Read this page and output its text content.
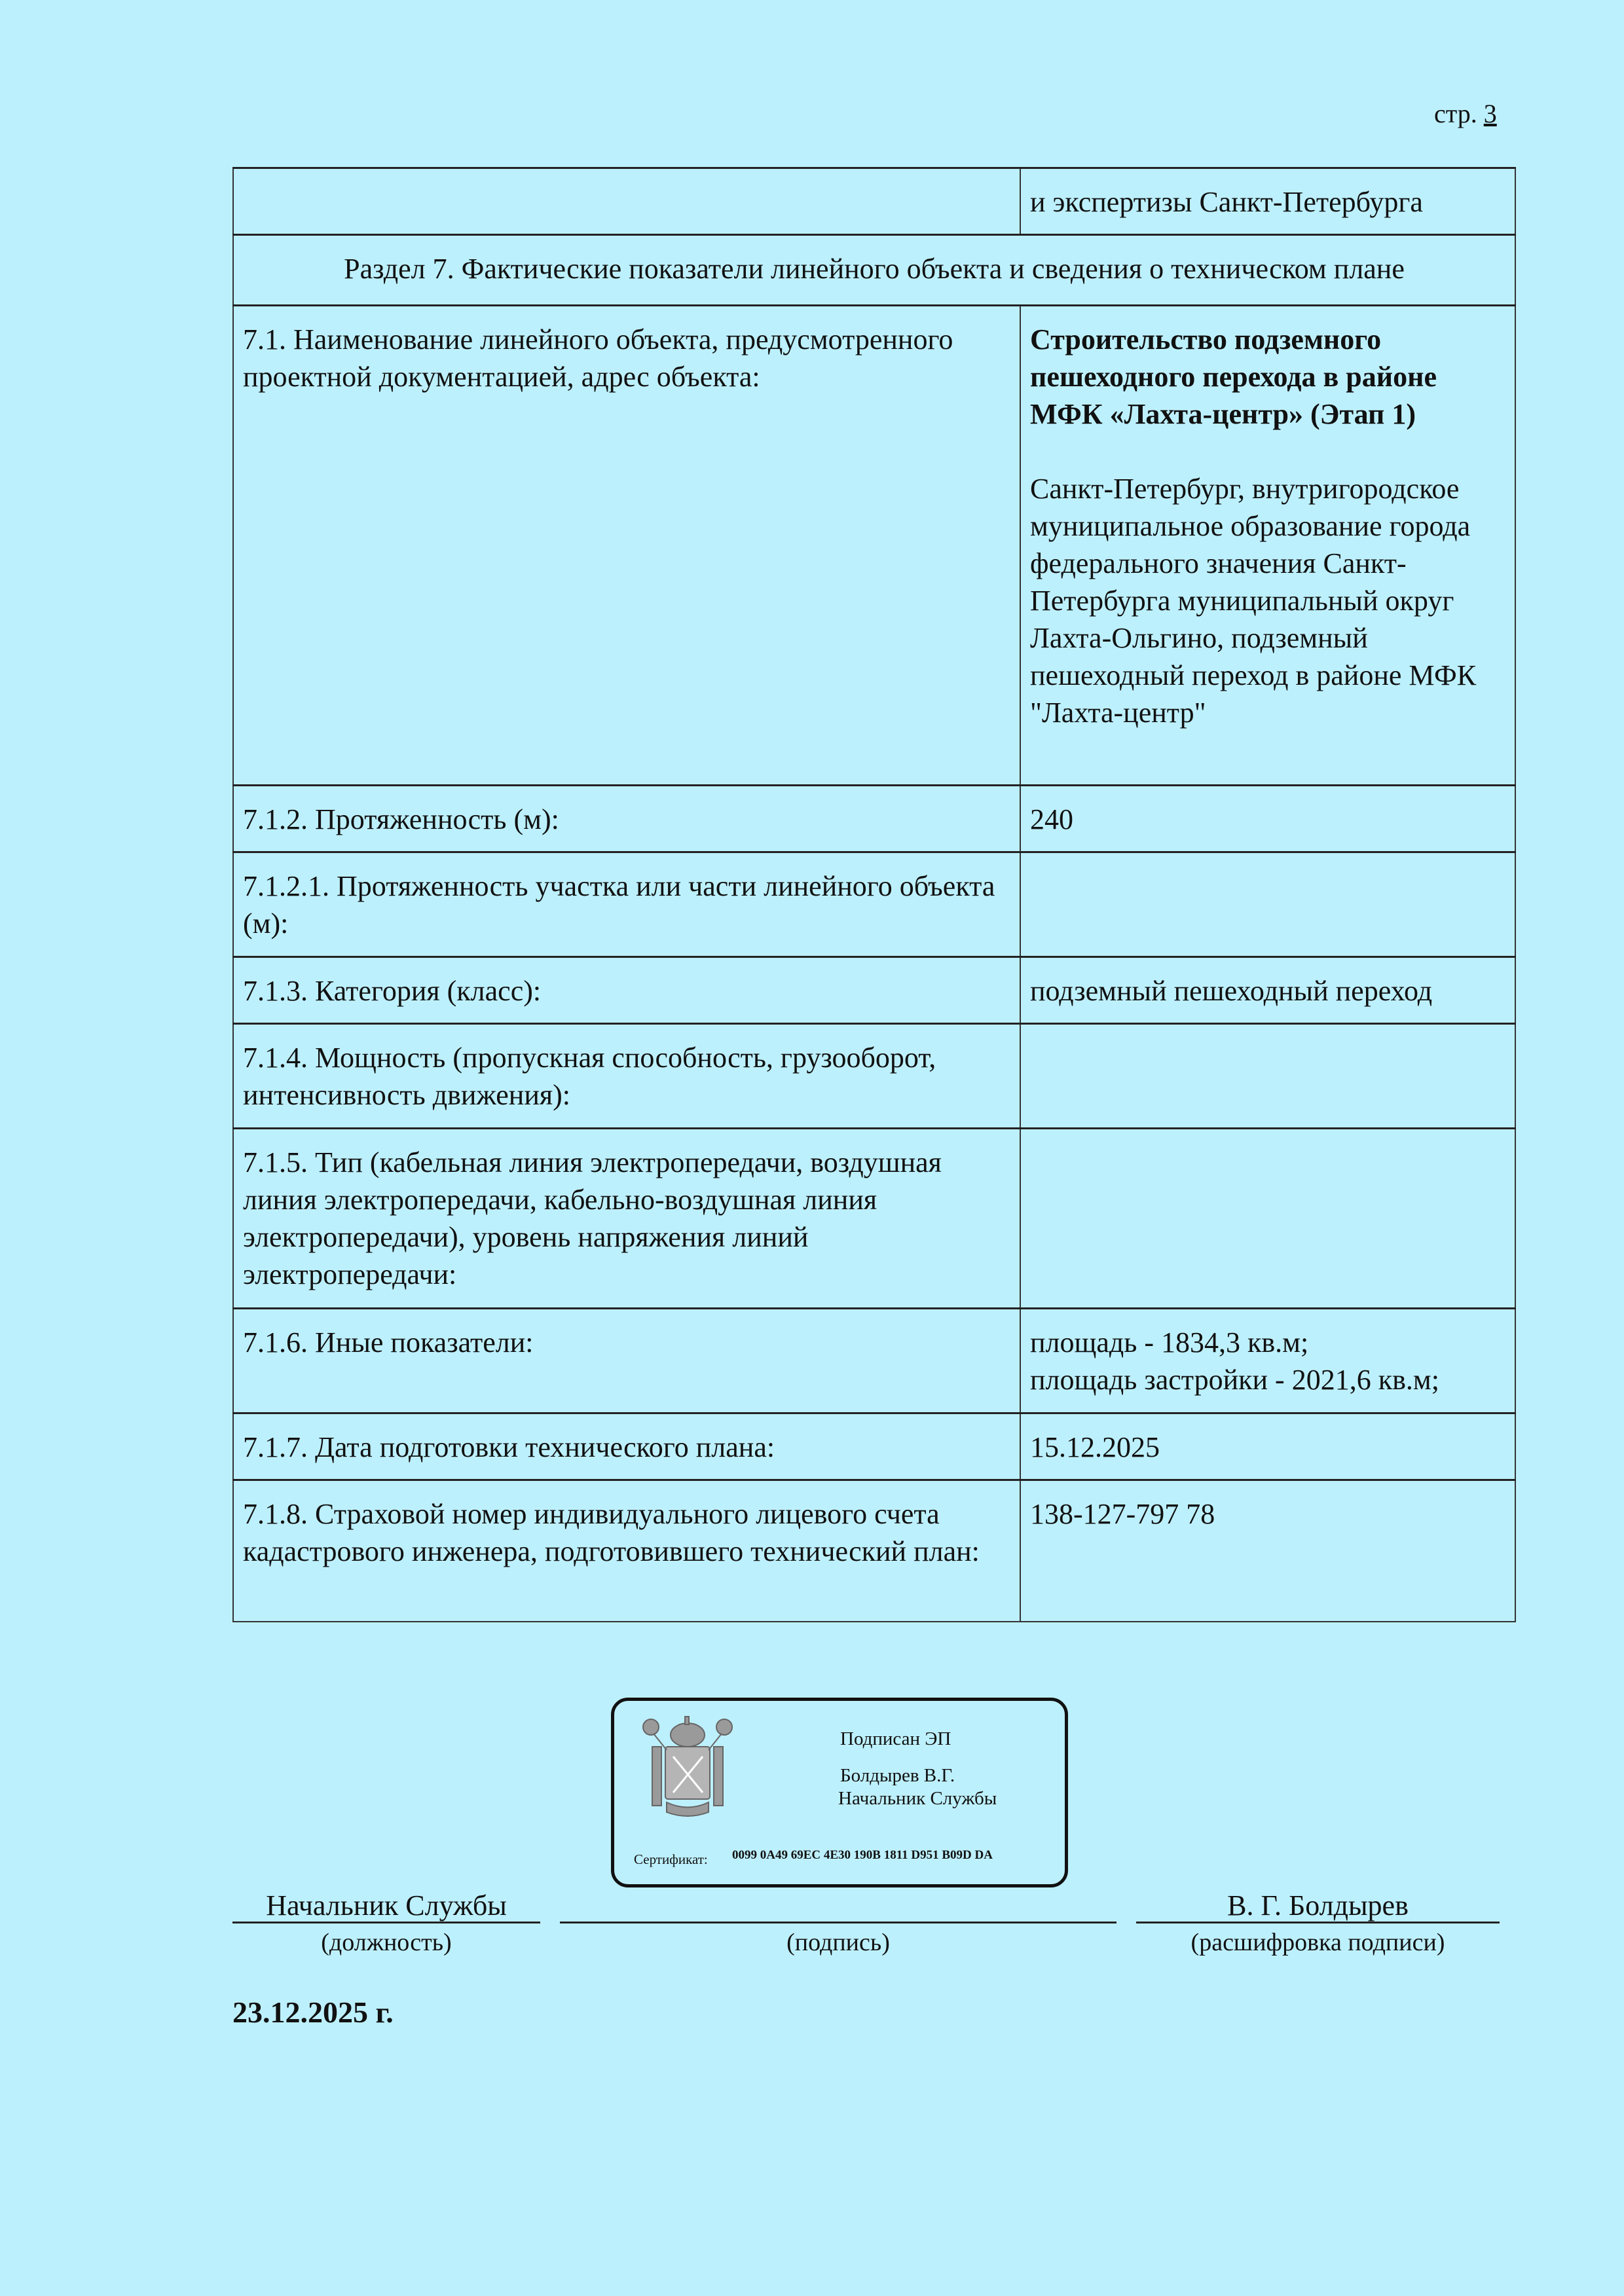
стр. 3
	и экспертизы Санкт-Петербурга
Раздел 7. Фактические показатели линейного объекта и сведения о техническом плане	
7.1. Наименование линейного объекта, предусмотренного проектной документацией, адрес объекта:	Строительство подземного пешеходного перехода в районе МФК «Лахта-центр» (Этап 1)
Санкт-Петербург, внутригородское муниципальное образование города федерального значения Санкт-Петербурга муниципальный округ Лахта-Ольгино, подземный пешеходный переход в районе МФК "Лахта-центр"

7.1.2. Протяженность (м):	240
7.1.2.1. Протяженность участка или части линейного объекта (м):	
7.1.3. Категория (класс):	подземный пешеходный переход
7.1.4. Мощность (пропускная способность, грузооборот, интенсивность движения):	
7.1.5. Тип (кабельная линия электропередачи, воздушная линия электропередачи, кабельно-воздушная линия электропередачи), уровень напряжения линий электропередачи:	
7.1.6. Иные показатели:	площадь - 1834,3 кв.м;
площадь застройки - 2021,6 кв.м;

7.1.7. Дата подготовки технического плана:	15.12.2025
7.1.8. Страховой номер индивидуального лицевого счета кадастрового инженера, подготовившего технический план:	138-127-797 78
Подписан ЭП
Болдырев В.Г.
Начальник Службы
Сертификат: 0099 0A49 69EC 4E30 190B 1811 D951 B09D DA
Начальник Службы
(должность)	(подпись)
В. Г. Болдырев
(расшифровка подписи)
23.12.2025 г.
